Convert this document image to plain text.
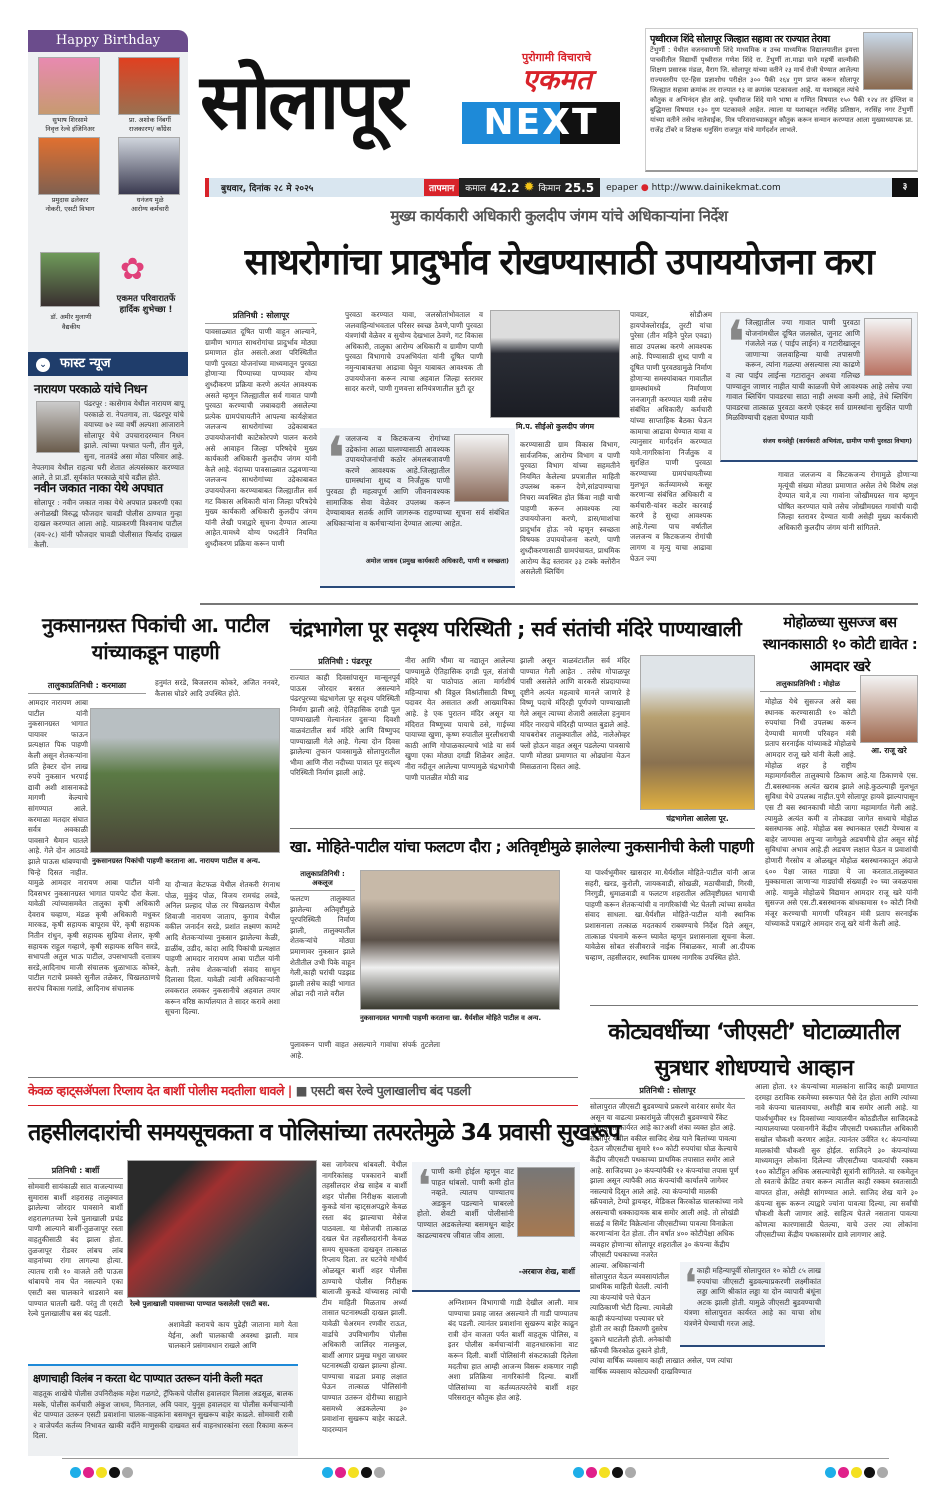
Happy Birthday
सुभाष शिरसामे
निवृत्त रेल्वे इंजिनिअर
प्रा. अशोक निंबर्गी
राजकारण/ काँग्रेस
प्रमुदास ढलेकार
नोकरी, एसटी विभाग
धनंजय मुळे
आरोग्य कर्मचारी
✿
डॉ. अमीर मुलाणी
वैद्यकीय
एकमत परिवारातर्फे हार्दिक शुभेच्छा !
⌄ फास्ट न्यूज
नारायण परकाळे यांचे निधन
पंढरपूर : कासेगाव येथील नारायण बापू परकाळे रा. नेपतगाव, ता. पंढरपूर यांचे वयाच्या ७२ व्या वर्षी अल्पशा आजाराने सोलापूर येथे उपचारादरम्यान निधन झाले. त्यांच्या पश्चात पत्नी, तीन मुले, सुना, नातवंडे असा मोठा परिवार आहे. नेपतगाव येथील राहत्या घरी शेतात अंत्यसंस्कार करण्यात आले. ते प्रा.डॉ. सूर्यकांत परकाळे यांचे वडील होते.
नवीन जकात नाका येथे अपघात
सोलापूर : नवीन जकात नाका येथे अपघात प्रकरणी एका अनोळखी विरुद्ध फौजदार चावडी पोलीस ठाण्यात गुन्हा दाखल करण्यात आला आहे. याप्रकरणी विश्वनाथ पाटील (वय-२८) यांनी फौजदार चावडी पोलीसात फिर्याद दाखल केली.
सोलापूर	पुरोगामी विचाराचे
एकमत
NEXT
पृथ्वीराज शिंदे सोलापूर जिल्हात सहावा तर राज्यात तेरावा
टेंभुर्णी : येथील वजनवायणी शिंदे माध्यमिक व उच्च माध्यमिक विद्यालयातील इयत्ता पाचवीतील विद्यार्थी पृथ्वीराज गणेश शिंदे रा. टेंभुर्णी ता.माढा याने महर्षी वाल्मीकी शिक्षण प्रसारक मंडळ, वैराग जि. सोलापूर यांच्या वतीने २३ मार्च रोजी घेण्यात आलेल्या राज्यस्तरीय एट-हिस प्रज्ञाशोध परीक्षेत ३०० पैकी २६४ गुण प्राप्त करून सोलापूर जिल्ह्यात सहावा क्रमांक तर राज्यात १३ वा क्रमांक पटकावला आहे. या यशाबद्दल त्यांचे कौतुक व अभिनंदन होत आहे. पृथ्वीराज शिंदे याने भाषा व गणित विषयात १५० पैकी १२४ तर इंग्लिश व बुद्धिमत्ता विषयात १३० गुण पटकावले आहेत. त्याला या यशाबद्दल नरसिंह प्रतिष्ठान, नरसिंह नगर टेंभुर्णी यांच्या वतीने तसेच नातेवाईक, मित्र परिवाराच्याकडून कौतुक करून सन्मान करण्यात आला मुख्याध्यापक प्रा. राजेंद्र टोंबरे व शिक्षक धनुसिंग राजपूत यांचे मार्गदर्शन लाभले.
बुधवार, दिनांक २८ मे २०२५	तापमान	कमाल 42.2 ✹ किमान 25.5	epaper ● http://www.dainikekmat.com	३
मुख्य कार्यकारी अधिकारी कुलदीप जंगम यांचे अधिकाऱ्यांना निर्देश
साथरोगांचा प्रादुर्भाव रोखण्यासाठी उपाययोजना करा
प्रतिनिधी : सोलापूर
पावसाळ्यात दूषित पाणी वाहून आल्याने, ग्रामीण भागात साथरोगांचा प्रादुर्भाव मोठ्या प्रमाणात होत असतो.अशा परिस्थितीत पाणी पुरवठा योजनांच्या माध्यमातून पुरवठा होणाऱ्या पिण्याच्या पाण्यावर योग्य शुध्दीकरण प्रक्रिया करणे अत्यंत आवश्यक असते म्हणून जिल्ह्यातील सर्व गावात पाणी पुरवठा करण्याची जबाबदारी असलेल्या प्रत्येक ग्रामपंचायतीने आपल्या कार्यक्षेत्रात जलजन्य साथरोगांच्या उद्रेकाबाबत उपाययोजनांची काटेकोरपणे पालन करावे असे आवाहन जिल्हा परिषदेचे मुख्य कार्यकारी अधिकारी कुलदीप जंगम यांनी केले आहे. यंदाच्या पावसाळ्यात उद्भवणाऱ्या जलजन्य साथरोगांच्या उद्रेकाबाबत उपाययोजना करण्याबाबत जिल्ह्यातील सर्व गट विकास अधिकारी यांना जिल्हा परिषदेचे मुख्य कार्यकारी अधिकारी कुलदीप जंगम यांनी लेखी पत्राद्वारे सूचना देण्यात आल्या आहेत.यामध्ये योग्य पध्दतीने नियमित शुध्दीकरण प्रक्रिया करून पाणी
पुरवठा करण्यात यावा, जलस्रोतांभोवताल व जलवाहिन्यांभवताल परिसर स्वच्छ ठेवणे,पाणी पुरवठा यंत्रणांची वेळेवर व सुयोग्य देखभाल ठेवणे, गट विकास अधिकारी, तालुका आरोग्य अधिकारी व ग्रामीण पाणी पुरवठा विभागाचे उपअभियंता यांनी दूषित पाणी नमुन्याबाबतचा आढावा घेवून याबाबत आवश्यक ती उपाययोजना करून त्याचा अहवाल जिल्हा स्तरावर सादर करणे, पाणी गुणवत्ता सनियंत्रणातील त्रुटी दूर
मि.प. सीईओ कुलदीप जंगम
❛ जलजन्य व किटकजन्य रोगांच्या उद्रेकांना आळा घालण्यासाठी आवश्यक उपाययोजनांची कठोर अंमलबजावणी करणे आवश्यक आहे.जिल्ह्यातील ग्रामस्थांना शुध्द व निर्जंतुक पाणी पुरवठा ही महत्वपूर्ण आणि जीवनावश्यक सामाजिक सेवा वेळेवर उपलब्ध करून देण्याबाबत सतर्क आणि जागरूक राहण्याच्या सूचना सर्व संबंधित अधिकाऱ्यांना व कर्मचाऱ्यांना देण्यात आल्या आहेत.
अमोल जाधव (प्रमुख कार्यकारी अधिकारी, पाणी व स्वच्छता)
करण्यासाठी ग्राम विकास विभाग, सार्वजनिक, आरोग्य विभाग व पाणी पुरवठा विभाग यांच्या सहमतीने नियमित केलेल्या प्रपत्रातील माहिती उपलब्ध करून देणे,सांडपाण्याचा निचरा व्यवस्थित होत किंवा नाही याची पाहणी करून आवश्यक त्या उपाययोजना करणे, डास/माशांचा प्रादुर्भाव होऊ नये म्हणून स्वच्छता विषयक उपाययोजना करणे, पाणी शुध्दीकरणासाठी ग्रामपंचायत, प्राथमिक आरोग्य केंद्र स्तरावर ३३ टक्के क्लोरीन असलेली ब्लिचिंग
पावडर, सोडीअम हायपोक्लोराईड, तुरटी यांचा पुरेसा (तीन महिने पुरेल एवढा) साठा उपलब्ध करणे आवश्यक आहे. पिण्यासाठी शुध्द पाणी व दूषित पाणी पुरवठ्यामुळे निर्माण होणाऱ्या समस्यांबाबत गावातील ग्रामस्थांमध्ये निर्माणाण जनजागृती करण्यात यावी तसेच संबंधित अधिकारी/ कर्मचारी यांच्या साप्ताहिक बैठका घेऊन कामाचा आढावा घेण्यात यावा व त्यानुसार मार्गदर्शन करण्यात यावे.नागरिकांना निर्जंतुक व सुरक्षित पाणी पुरवठा करण्याच्या ग्रामपंचायतीच्या मुलभूत कर्तव्यामध्ये कसूर करणाऱ्या संबंधित अधिकारी व कर्मचारी-यांवर कठोर कारवाई करणे हे सुध्दा आवश्यक आहे.गेल्या पाच वर्षातील जलजन्य व किटकजन्य रोगांची लागण व मृत्यु याचा आढावा घेऊन ज्या
❛ जिल्ह्यातील ज्या गावात पाणी पुरवठा योजनांमधील दूषित जलस्रोत, जुनाट आणि गंजलेले नळ ( पाईप लाईन) व गटारीखालून जाणाऱ्या जलवाहिन्या याची तपासणी करून, त्यांना गळत्या असल्यास त्या काढणे व त्या पाईप लाईन्स गटारातून अथवा गलिच्छ पाण्यातून जाणार नाहीत याची काळजी घेणे आवश्यक आहे तसेच ज्या गावात ब्लिचिंग पावडरचा साठा नाही अथवा कमी आहे, तेथे ब्लिचिंग पावडरचा तात्काळ पुरवठा करणे एकंदर सर्व ग्रामस्थांना सुरक्षित पाणी मिळविण्याची दक्षता घेण्यात यावी
संजय धनशेट्टी (कार्यकारी अभियंता, ग्रामीण पाणी पुरवठा विभाग)
गावात जलजन्य व किटकजन्य रोगामुळे होणाऱ्या मृत्यूंची संख्या मोठ्या प्रमाणात असेल तेथे विशेष लक्ष देण्यात यावे,व त्या गावांना जोखीमग्रस्त गाव म्हणून घोषित करण्यात यावे तसेच जोखीमग्रस्त गावांची यादी जिल्हा स्तरावर देण्यात यावी असेही मुख्य कार्यकारी अधिकारी कुलदीप जंगम यांनी सांगितले.
नुकसानग्रस्त पिकांची आ. पाटील यांच्याकडून पाहणी
तालुकाप्रतिनिधी : करमाळा	हनुमंत सरडे, बिजलराव कोकरे, अजित ननवरे, कैलास घोडरे आदि उपस्थित होते.
आमदार नारायण आबा पाटील यांनी नुकसानग्रस्त भागात पायावर फाऊन प्रत्यक्षात पिक पाहणी केली असून शेतकऱ्यांना प्रति हेक्टर दोन लाख रुपये नुकसान भरपाई द्यावी अशी शासनाकडे मागणी केल्याचे सांगण्यात आले. करमाळा मतदार संघात सर्वत्र अवकाळी पावसाने थैमान घातले आहे. गेले दोन आठवडे झाले पाऊस थांबण्याची चिन्हे दिसत नाहीत. यामुळे आमदार नारायण आबा पाटील यांनी दिवसभर नुकसानग्रस्त भागात पायपेट दौरा केला. यावेळी त्यांच्यासमवेत तालुका कृषी अधिकारी देवराव चव्हाण, मंडळ कृषी अधिकारी मधुकर मारकड, कृषी सहायक बापूराव घेरे, कृषी सहायक नितीन रांधुन, कृषी सहायक सुप्रिया शेलार, कृषी सहायक राहुल गव्हाणे, कृषी सहायक सचिन सरडे, सभापती अतुल भाऊ पाटील, उपसभापती दत्तात्रय सरडे,आदिनाथ माजी संचालक धुळाभाऊ कोकरे, पाटील गटाचे प्रवक्ते सुनील तळेकर, चिखलठाणचे सरपंच विकास गलांडे, आदिनाथ संचालक
नुकसानग्रस्त पिकांची पाहणी करताना आ. नारायण पाटील व अन्य.
या दौऱ्यात केटफळ येथील शेतकरी रंगनाथ पोळ, मुकुंद पोळ, विजय रामचंद्र लवडे, अनिल प्रल्हाद पोळ तर चिखलठाण येथील शिवाजी नारायण जाताप, कुगाव येथील वकील जनार्दन सरडे, प्रशांत लक्ष्मण कामटे आदि शेतकऱ्यांच्या नुकसान झालेल्या केळी, डाळींब, उडीद, कांदा आदि पिकांची प्रत्यक्षात पाहणी आमदार नारायण आबा पाटील यांनी केली. तसेच शेतकऱ्यांशी संवाद साधून दिलासा दिला. यावेळी त्यांनी अधिकाऱ्यांनी लवकरात लवकर नुकसानीचे अहवाल तयार करून वरिष्ठ कार्यालयात ते सादर करावे अशा सूचना दिल्या.
चंद्रभागेला पूर सदृश्य परिस्थिती ; सर्व संतांची मंदिरे पाण्याखाली
प्रतिनिधी : पंढरपूर
राज्यात काही दिवसांपासून मान्सूनपूर्व पाऊस जोरदार बरसत असल्याने पंढरपूरच्या चंद्रभागेला पूर सदृश्य परिस्थिती निर्माण झाली आहे. ऐतिहासिक दगडी पूल पाण्याखाली गेल्यानंतर दुसऱ्या दिवशी वाळवंटातील सर्व मंदिरे आणि विष्णुपद पाण्याखाली गेले आहे. गेल्या दोन दिवस झालेल्या तुफान पावसामुळे सोलापुरातील भीमा आणि नीरा नदीच्या पात्रात पूर सदृश्य परिस्थिती निर्माण झाली आहे.
नीरा आणि भीमा या नद्यातून आलेल्या पाण्यामुळे ऐतिहासिक दगडी पूल, संतांची मंदिरे या पाठोपाठ आता मार्गशीर्ष महिन्याचा श्री विठ्ठल विश्रांतीसाठी विष्णू पदावर येत असतात अशी आख्यायिका आहे. हे एक पुरातन मंदिर असून या मंदिरात विष्णूच्या पायाचे ठसे, गाईच्या पायाच्या खुणा, कृष्ण रुपातील मुरलीधराची काठी आणि गोपाळकाल्याचे भांडे या सर्व खुणा एका मोठ्या दगडी शिळेवर आहेत. नीरा नदीतून आलेल्या पाण्यामुळे चंद्रभागेची पाणी पातळीत मोठी वाढ
झाली असून वाळवंटातील सर्व मंदिर पाण्यात गेली आहेत . तसेच गोपाळपूर पासी असलेले आणि वारकरी संप्रदायाच्या दृष्टीने अत्यंत महत्वाचे मानले जाणारे हे विष्णू पदाचे मंदिरही पूर्णपणे पाण्याखाली गेले असून त्याच्या शेजारी असलेला हनुमान मंदिर नारदाचे मंदिरही पाण्यात बुडाले आहे. याचबरोबर तालुक्यातील ओढे, नालेओव्हर फ्लो होऊन वाहत असून पडलेल्या पावसाचे पाणी मोठ्या प्रमाणात या ओढ्यांना येऊन मिसळताना दिसत आहे.
चंद्रभागेला आलेला पूर.
मोहोळच्या सुसज्ज बस स्थानकासाठी १० कोटी द्यावेत : आमदार खरे
तालुकाप्रतिनिधी : मोहोळ
आ. राजू खरे
मोहोळ येथे सुसज्ज असे बस स्थानक करण्यासाठी १० कोटी रुपयांचा निधी उपलब्ध करून देण्याची मागणी परिवहन मंत्री प्रताप सरनाईक यांच्याकडे मोहोळचे आमदार राजू खरे यांनी केली आहे. मोहोळ शहर हे राष्ट्रीय महामार्गावरील तालुक्याचे ठिकाण आहे.या ठिकाणचे एस. टी.बसस्थानक अत्यंत खराब झाले आहे.कुठल्याही मुलभूत सुविधा येथे उपलब्ध नाहीत.पुणे सोलापूर हायवे झाल्यापासून एस टी बस स्थानकाची मोठी जागा महामार्गात गेली आहे. त्यामुळे अत्यंत कमी व तोकड्या जागेत सध्याचे मोहोळ बसस्थानक आहे. मोहोळ बस स्थानकात एसटी येण्यास व बाहेर जाण्यास अपुऱ्या जागेमुळे अडचणीचे होत असून सोई सुविधांचा अभाव आहे.ही अडचण लक्षात घेऊन व प्रवाशांची होणारी गैरसोय व ओळखून मोहोळ बसस्थानकातून अंदाजे ६०० पेक्षा जास्त गाड्या ये जा करतात.तालुक्यात मुक्कामाला जाणाऱ्या गाड्यांची संख्याही २० च्या जवळपास आहे. यामुळे मोहोळचे विद्यमान आमदार राजू खरे यांनी सुसज्ज असे एस.टी.बसस्थानक बांधकामास १० कोटी निधी मंजूर करण्याची मागणी परिवहन मंत्री प्रताप सरनाईक यांच्याकडे पत्राद्वारे आमदार राजू खरे यांनी केली आहे.
खा. मोहिते-पाटील यांचा फलटण दौरा ; अतिवृष्टीमुळे झालेल्या नुकसानीची केली पाहणी
तालुकाप्रतिनिधी : अकलूज
फलटण तालुक्यात झालेल्या अतिवृष्टीमुळे पूरपरिस्थिती निर्माण झाली, तालुक्यातील शेतकऱ्यांचे मोठ्या प्रमाणावर नुकसान झाले शेतीतील उभी पिके वाहून गेली,काही घरांची पडझड झाली तसेच काही भागात ओढा नदी नाले वरील
नुकसानग्रस्त भागाची पाहणी करताना खा. धैर्यशील मोहिते पाटील व अन्य.
पुलावरून पाणी वाहत असल्याने गावांचा संपर्क तुटलेला आहे.
या पार्श्वभूमीवर खासदार मा.धैर्यशील मोहिते-पाटील यांनी आज सहरी, खरड, कुरोली, जायकवाडी, सोखळी, मठाचीवाडी, गिरवी, निरगुडी, धुमाळवाडी व फलटण शहरातील अतिवृष्टीग्रस्त भागाची पाहणी करून शेतकऱ्यांची व नागरिकांची भेट घेतली त्यांच्या समवेत संवाद साधला. खा.धैर्यशील मोहिते-पाटील यांनी स्थानिक प्रशासनाला तत्काळ मदतकार्य राबवण्याचे निर्देश दिले असून, तात्काळ पंचनामे करून घ्यावेत म्हणून प्रशासनाला सूचना केला. यावेळेस सोबत संजीवराजे नाईक निंबाळकर, माजी आ.दीपक चव्हाण, तहसीलदार, स्थानिक ग्रामस्थ नागरिक उपस्थित होते.
कोट्यवधींच्या ‘जीएसटी’ घोटाळ्यातील सुत्रधार शोधण्याचे आव्हान
प्रतिनिधी : सोलापूर
सोलापुरात जीएसटी बुडवण्याचे प्रकरणे वारंवार समोर येत असून या वाढत्या प्रकारांमुळे जीएसटी बुडवण्याचे रॅकेट सोलापुरात कार्यरत आहे का?अशी शंका व्यक्त होत आहे. सोलापूर येथील वकील साजिद शेख याने बिलांच्या पावत्या देऊन जीएसटीचा सुमारे १०० कोटी रुपयांचा घोळ केल्याचे केंद्रीय जीएसटी पथकाच्या प्राथमिक तपासात समोर आले आहे. साजिदच्या ३० कंपन्यांपैकी १२ कंपन्यांचा तपास पूर्ण झाला असून त्यापैकी आठ कंपन्यांची कार्यालये जागेवर नसल्याचे दिसून आले आहे. त्या कंपन्यांची मालकी स्क्रॅपवाले, टेम्पो ड्रायव्हर, मेडिकल किरकोळ चालकांच्या नावे असल्याची धक्कादायक बाब समोर आली आहे. तो लोखंडी सळई व सिमेंट विक्रेत्यांना जीएसटीच्या पावत्या विनाक्रेता करणाऱ्यांना देत होता. तीन वर्षात ४०० कोटीपेक्षा अधिक व्यवहार होणाऱ्या सोलापूर शहरातील ३० कंपन्या केंद्रीय जीएसटी पथकाच्या नजरेत आल्या. अधिकाऱ्यांनी सोलापुरात येऊन व्यवसायांतील प्राथमिक माहिती घेतली. त्यांनी त्या कंपन्यांचे पत्ते घेऊन त्याठिकाणी भेटी दिल्या. त्यावेळी काही कंपन्यांच्या पत्त्यावर घरे होती तर काही ठिकाणी दुसरेच दुकाने थाटलेली होती. अनेकांची स्क्रॅपची किरकोळ दुकाने होती, त्यांचा वार्षिक व्यवसाय काही लाखात असेल, पण त्यांचा वार्षिक व्यवसाय कोट्यवधी दाखविण्यात
आला होता. १२ कंपन्यांच्या मालकांना साजिद काही प्रमाणात दरमहा ठराविक रकमेच्या स्वरूपात पैसे देत होता आणि त्यांच्या नावे कंपन्या चालवायचा, अशीही बाब समोर आली आहे. या पार्श्वभूमीवर १४ दिवसांच्या न्यायालयीन कोठडीतील साजिदकडे न्यायालयाच्या परवानगीने केंद्रीय जीएसटी पथकातील अधिकारी सखोल चौकशी करणार आहेत. त्यानंतर उर्वरित १८ कंपन्यांच्या मालकांची चौकशी सुरु होईल. साजिदने ३० कंपन्यांच्या माध्यमातून लोकांना दिलेल्या जीएसटीच्या पावत्यांची रक्कम १०० कोटींहून अधिक असल्याचेही सूत्रांनी सांगितले. या रकमेतून तो स्वतःचे क्रेडिट तयार करून त्यातील काही रक्कम स्वतःसाठी वापरत होता, असेही सांगण्यात आले. साजिद शेख याने ३० कंपन्या सुरू करून त्याद्वारे ज्यांना पावत्या दिल्या, त्या सर्वांची चौकशी केली जाणार आहे. साहित्य घेतले नसताना पावत्या कोणत्या कारणासाठी घेतल्या, याचे उत्तर त्या लोकांना जीएसटीच्या केंद्रीय पथकासमोर द्यावे लागणार आहे.
❛ काही महिन्यापूर्वी सोलापुरात १० कोटी ८५ लाख रुपयांचा जीएसटी बुडवल्याप्रकरणी लक्ष्मीकांत लड्डा आणि श्रीकांत लड्डा या दोन व्यापारी बंधूंना अटक झाली होती. यामुळे जीएसटी बुडवण्याची यंत्रणा सोलापुरात कार्यरत आहे का याचा शोध यंत्रणेने घेण्याची गरज आहे.
केवळ व्हाट्सॲपला रिप्लाय देत बार्शी पोलीस मदतीला धावले | ■ एसटी बस रेल्वे पुलाखालीच बंद पडली
तहसीलदारांची समयसूचकता व पोलिसांच्या तत्परतेमुळे 34 प्रवासी सुखरूप
प्रतिनिधी : बार्शी
सोमवारी सायंकाळी सात वाजल्याच्या सुमारास बार्शी शहरासह तालुक्यात झालेल्या जोरदार पावसाने बार्शी शहरालगतच्या रेल्वे पुलाखाली प्रचंड पाणी आल्याने बार्शी-तुळजापूर रस्ता वाहतुकीसाठी बंद झाला होता. तुळजापूर रोडवर लांबच लांब वाहनांच्या रांगा लागल्या होत्या. त्यातच रात्री १० वाजले तरी पाऊस थांबायचे नाव घेत नसल्याने एका एसटी बस चालकाने धाडसाने बस पाण्यात घातली खरी. परंतु ती एसटी रेल्वे पुलाखालीच बस बंद पडली.
रेल्वे पुलाखाली पावसाच्या पाण्यात फसलेली एसटी बस.
अशावेळी करायचे काय पुढेही जाताना मागे येता येईना, अशी चालकाची अवस्था झाली. मात्र चालकाने प्रसंगावधान राखले आणि
बस जागेवरच थांबवली. येथील नागरिकांसह पत्रकाराने बार्शी तहसीलदार शेख साहेब व बार्शी शहर पोलीस निरीक्षक बालाजी कुकडे यांना व्हाट्सअपद्वारे केवळ रस्ता बंद झाल्याचा मेसेज पाठवला. या मेसेजची तात्काळ दखल घेत तहसीलदारांनी केवळ समय सूचकता दाखवून तात्काळ रिप्लाय दिला. तर घटनेचे गांभीर्य ओळखून बार्शी शहर पोलीस ठाण्याचे पोलीस निरीक्षक बालाजी कुकडे यांच्यासह त्यांची टीम माहिती मिळताच अर्ध्या तासात घटनास्थळी दाखल झाली. यावेळी चेअरमन रणवीर राऊत, वार्डाचे उपविभागीय पोलीस अधिकारी जालिंदर नालकुल, बार्शी आगार प्रमुख मधुरा जाधवर घटनास्थळी दाखल झाल्या होत्या. पाण्याचा वाढता प्रवाह लक्षात घेऊन तात्काळ पोलिसांनी पाण्यात उतरून दोरीच्या साह्याने बसमध्ये अडकलेल्या ३० प्रवाशांना सुखरूप बाहेर काढले. यादरम्यान
❛ पाणी कमी होईल म्हणून वाट पाहत थांबलो. पाणी कमी होत नव्हते. त्यातच पाण्यातच अडकून पडल्याने घाबरलो होतो. शेवटी बार्शी पोलीसांनी पाण्यात अडकलेल्या बसमधून बाहेर काढल्यावरच जीवात जीव आला.
-अरबाज शेख, बार्शी
अग्निशामन विभागाची गाडी देखील आली. मात्र पाण्याचा प्रवाह जास्त असल्याने ती गाडी पाण्यातच बंद पडली. त्यानंतर प्रवाशांना सुखरूप बाहेर काढून रात्री दोन वाजता पर्यंत बार्शी वाहतूक पोलिस, व इतर पोलीस कर्मचाऱ्यांनी वाहनधारकांना वाट करून दिली. बार्शी पोलिसांनी संकटकाळी दिलेला मदतीचा हात आम्ही आजन्म विसरू शकणार नाही अशा प्रतिक्रिया नागरिकांनी दिल्या. बार्शी पोलिसांच्या या कर्तव्यतत्परतेचे बार्शी शहर परिसरातून कौतुक होत आहे.
क्षणाचाही विलंब न करता थेट पाण्यात उतरून यांनी केली मदत
वाहतूक शाखेचे पोलीस उपनिरीक्षक महेश गळगटे, ट्रॅफिकचे पोलीस हवालदार विलास अडसूळ, बालक मस्के, पोलीस कर्मचारी अंकुश जाधव, मितनाल, अवि पवार, युनूस हवालदार या पोलीस कर्मचाऱ्यांनी थेट पाण्यात उतरून एसटी प्रवाशांना चालक-वाहकांना बसमधून सुखरूप बाहेर काढले. सोमवारी रात्री २ वाजेपर्यंत कर्तव्य निभावत खाकी वर्दीने माणुसकी दाखवत सर्व वाहनधारकांना रस्ता रिकामा करून दिला.
